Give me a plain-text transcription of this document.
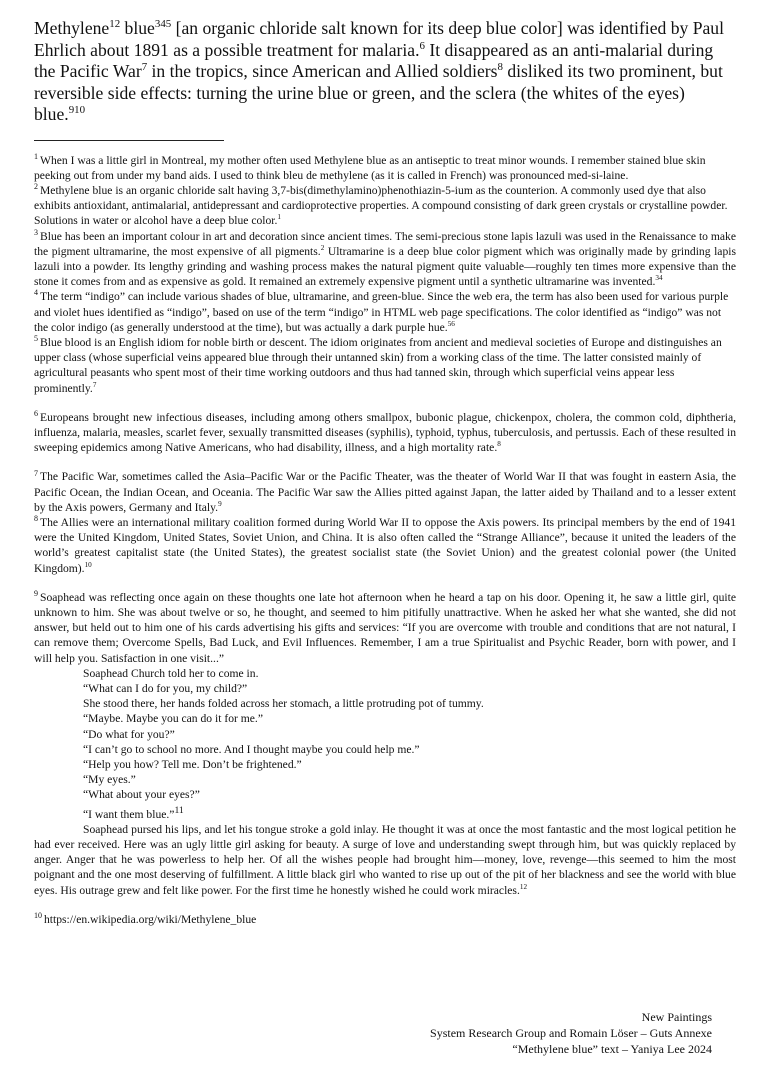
Methylene$^{12}$ blue$^{345}$ [an organic chloride salt known for its deep blue color] was identified by Paul Ehrlich about 1891 as a possible treatment for malaria.$^6$ It disappeared as an anti-malarial during the Pacific War$^7$ in the tropics, since American and Allied soldiers$^8$ disliked its two prominent, but reversible side effects: turning the urine blue or green, and the sclera (the whites of the eyes) blue.$^{910}$

$^1$ When I was a little girl in Montreal, my mother often used Methylene blue as an antiseptic to treat minor wounds. I remember stained blue skin peeking out from under my band aids. I used to think bleu de methylene (as it is called in French) was pronounced med-si-laine.

$^2$ Methylene blue is an organic chloride salt having 3,7-bis(dimethylamino)phenothiazin-5-ium as the counterion. A commonly used dye that also exhibits antioxidant, antimalarial, antidepressant and cardioprotective properties. A compound consisting of dark green crystals or crystalline powder. Solutions in water or alcohol have a deep blue color.$^1$

$^3$ Blue has been an important colour in art and decoration since ancient times. The semi-precious stone lapis lazuli was used in the Renaissance to make the pigment ultramarine, the most expensive of all pigments.$^2$ Ultramarine is a deep blue color pigment which was originally made by grinding lapis lazuli into a powder. Its lengthy grinding and washing process makes the natural pigment quite valuable—roughly ten times more expensive than the stone it comes from and as expensive as gold. It remained an extremely expensive pigment until a synthetic ultramarine was invented.$^{34}$

$^4$ The term “indigo” can include various shades of blue, ultramarine, and green-blue. Since the web era, the term has also been used for various purple and violet hues identified as “indigo”, based on use of the term “indigo” in HTML web page specifications. The color identified as “indigo” was not the color indigo (as generally understood at the time), but was actually a dark purple hue.$^{56}$

$^5$ Blue blood is an English idiom for noble birth or descent. The idiom originates from ancient and medieval societies of Europe and distinguishes an upper class (whose superficial veins appeared blue through their untanned skin) from a working class of the time. The latter consisted mainly of agricultural peasants who spent most of their time working outdoors and thus had tanned skin, through which superficial veins appear less prominently.$^7$

$^6$ Europeans brought new infectious diseases, including among others smallpox, bubonic plague, chickenpox, cholera, the common cold, diphtheria, influenza, malaria, measles, scarlet fever, sexually transmitted diseases (syphilis), typhoid, typhus, tuberculosis, and pertussis. Each of these resulted in sweeping epidemics among Native Americans, who had disability, illness, and a high mortality rate.$^8$

$^7$ The Pacific War, sometimes called the Asia–Pacific War or the Pacific Theater, was the theater of World War II that was fought in eastern Asia, the Pacific Ocean, the Indian Ocean, and Oceania. The Pacific War saw the Allies pitted against Japan, the latter aided by Thailand and to a lesser extent by the Axis powers, Germany and Italy.$^9$

$^8$ The Allies were an international military coalition formed during World War II to oppose the Axis powers. Its principal members by the end of 1941 were the United Kingdom, United States, Soviet Union, and China. It is also often called the “Strange Alliance”, because it united the leaders of the world’s greatest capitalist state (the United States), the greatest socialist state (the Soviet Union) and the greatest colonial power (the United Kingdom).$^{10}$

$^9$ Soaphead was reflecting once again on these thoughts one late hot afternoon when he heard a tap on his door. Opening it, he saw a little girl, quite unknown to him. She was about twelve or so, he thought, and seemed to him pitifully unattractive. When he asked her what she wanted, she did not answer, but held out to him one of his cards advertising his gifts and services: “If you are overcome with trouble and conditions that are not natural, I can remove them; Overcome Spells, Bad Luck, and Evil Influences. Remember, I am a true Spiritualist and Psychic Reader, born with power, and I will help you. Satisfaction in one visit...”

Soaphead Church told her to come in.

“What can I do for you, my child?”

She stood there, her hands folded across her stomach, a little protruding pot of tummy.

“Maybe. Maybe you can do it for me.”

“Do what for you?”

“I can’t go to school no more. And I thought maybe you could help me.”

“Help you how? Tell me. Don’t be frightened.”

“My eyes.”

“What about your eyes?”

“I want them blue.”$^{11}$

Soaphead pursed his lips, and let his tongue stroke a gold inlay. He thought it was at once the most fantastic and the most logical petition he had ever received. Here was an ugly little girl asking for beauty. A surge of love and understanding swept through him, but was quickly replaced by anger. Anger that he was powerless to help her. Of all the wishes people had brought him—money, love, revenge—this seemed to him the most poignant and the one most deserving of fulfillment. A little black girl who wanted to rise up out of the pit of her blackness and see the world with blue eyes. His outrage grew and felt like power. For the first time he honestly wished he could work miracles.$^{12}$

$^{10}$ https://en.wikipedia.org/wiki/Methylene_blue

New Paintings
System Research Group and Romain Löser – Guts Annexe
“Methylene blue” text – Yaniya Lee 2024
